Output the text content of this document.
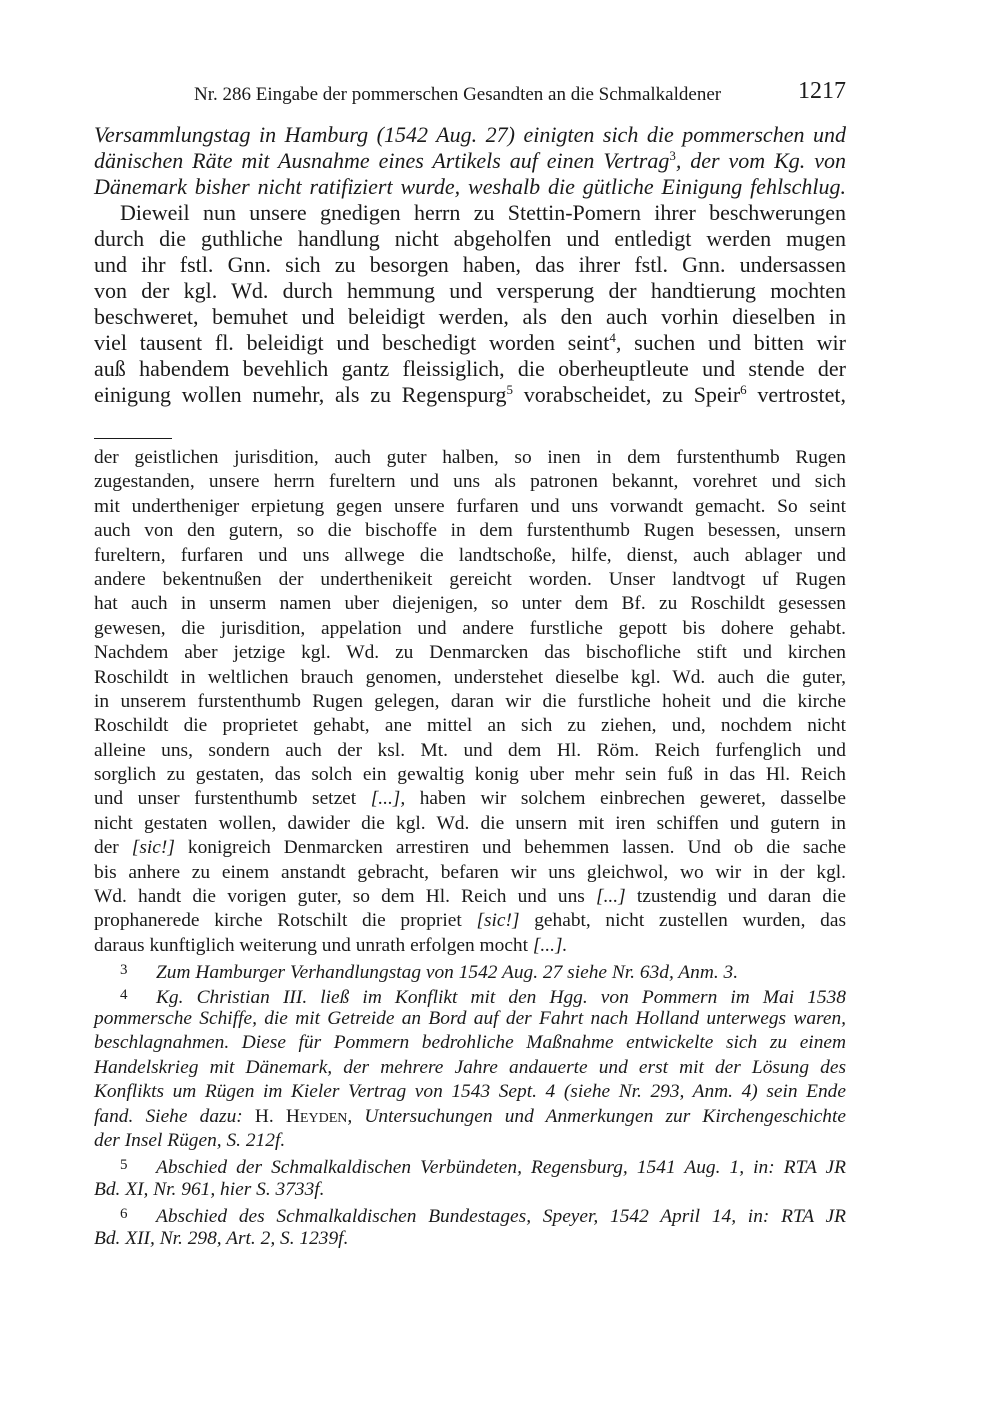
Nr. 286 Eingabe der pommerschen Gesandten an die Schmalkaldener	1217
Versammlungstag in Hamburg (1542 Aug. 27) einigten sich die pommerschen und
dänischen Räte mit Ausnahme eines Artikels auf einen Vertrag$^3$, der vom Kg. von
Dänemark bisher nicht ratifiziert wurde, weshalb die gütliche Einigung fehlschlug.
Dieweil nun unsere gnedigen herrn zu Stettin-Pomern ihrer beschwerungen
durch die guthliche handlung nicht abgeholfen und entledigt werden mugen
und ihr fstl. Gnn. sich zu besorgen haben, das ihrer fstl. Gnn. undersassen
von der kgl. Wd. durch hemmung und versperung der handtierung mochten
beschweret, bemuhet und beleidigt werden, als den auch vorhin dieselben in
viel tausent fl. beleidigt und beschedigt worden seint$^4$, suchen und bitten wir
auß habendem bevehlich gantz fleissiglich, die oberheuptleute und stende der
einigung wollen numehr, als zu Regenspurg$^5$ vorabscheidet, zu Speir$^6$ vertrostet,
der geistlichen jurisdition, auch guter halben, so inen in dem furstenthumb Rugen
zugestanden, unsere herrn fureltern und uns als patronen bekannt, vorehret und sich
mit undertheniger erpietung gegen unsere furfaren und uns vorwandt gemacht. So seint
auch von den gutern, so die bischoffe in dem furstenthumb Rugen besessen, unsern
fureltern, furfaren und uns allwege die landtschoße, hilfe, dienst, auch ablager und
andere bekentnußen der underthenikeit gereicht worden. Unser landtvogt uf Rugen
hat auch in unserm namen uber diejenigen, so unter dem Bf. zu Roschildt gesessen
gewesen, die jurisdition, appelation und andere furstliche gepott bis dohere gehabt.
Nachdem aber jetzige kgl. Wd. zu Denmarcken das bischofliche stift und kirchen
Roschildt in weltlichen brauch genomen, understehet dieselbe kgl. Wd. auch die guter,
in unserem furstenthumb Rugen gelegen, daran wir die furstliche hoheit und die kirche
Roschildt die proprietet gehabt, ane mittel an sich zu ziehen, und, nochdem nicht
alleine uns, sondern auch der ksl. Mt. und dem Hl. Röm. Reich furfenglich und
sorglich zu gestaten, das solch ein gewaltig konig uber mehr sein fuß in das Hl. Reich
und unser furstenthumb setzet [...], haben wir solchem einbrechen geweret, dasselbe
nicht gestaten wollen, dawider die kgl. Wd. die unsern mit iren schiffen und gutern in
der [sic!] konigreich Denmarcken arrestiren und behemmen lassen. Und ob die sache
bis anhere zu einem anstandt gebracht, befaren wir uns gleichwol, wo wir in der kgl.
Wd. handt die vorigen guter, so dem Hl. Reich und uns [...] tzustendig und daran die
prophanerede kirche Rotschilt die propriet [sic!] gehabt, nicht zustellen wurden, das
daraus kunftiglich weiterung und unrath erfolgen mocht [...].
3 Zum Hamburger Verhandlungstag von 1542 Aug. 27 siehe Nr. 63d, Anm. 3.
4 Kg. Christian III. ließ im Konflikt mit den Hgg. von Pommern im Mai 1538
pommersche Schiffe, die mit Getreide an Bord auf der Fahrt nach Holland unterwegs waren,
beschlagnahmen. Diese für Pommern bedrohliche Maßnahme entwickelte sich zu einem
Handelskrieg mit Dänemark, der mehrere Jahre andauerte und erst mit der Lösung des
Konflikts um Rügen im Kieler Vertrag von 1543 Sept. 4 (siehe Nr. 293, Anm. 4) sein Ende
fand. Siehe dazu: H. Heyden, Untersuchungen und Anmerkungen zur Kirchengeschichte
der Insel Rügen, S. 212f.
5 Abschied der Schmalkaldischen Verbündeten, Regensburg, 1541 Aug. 1, in: RTA JR
Bd. XI, Nr. 961, hier S. 3733f.
6 Abschied des Schmalkaldischen Bundestages, Speyer, 1542 April 14, in: RTA JR
Bd. XII, Nr. 298, Art. 2, S. 1239f.
